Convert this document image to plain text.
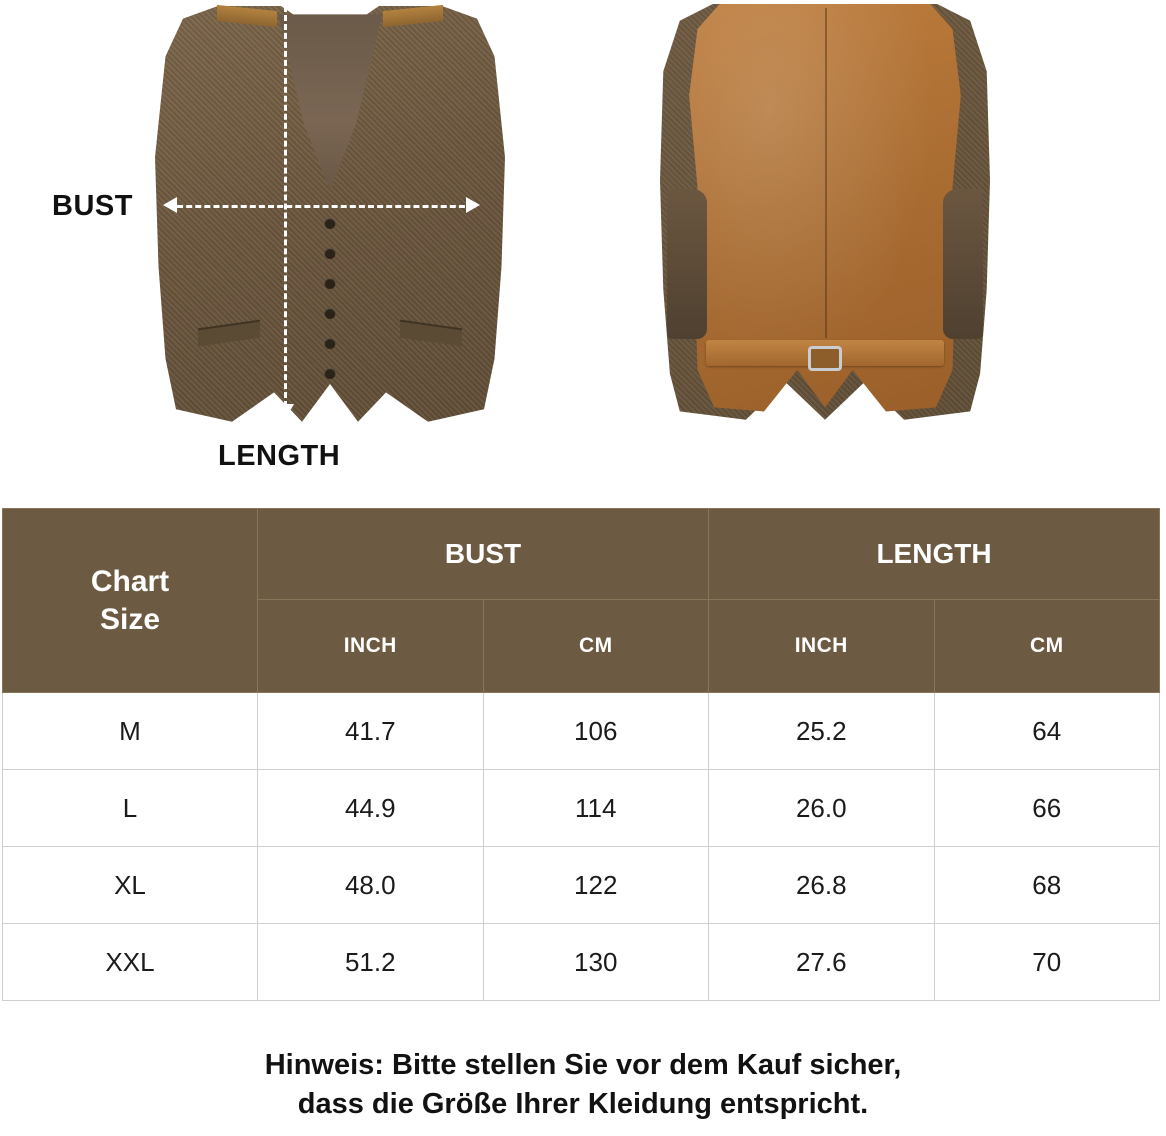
BUST
LENGTH
Chart
Size	BUST		LENGTH	
	INCH	CM	INCH	CM
M	41.7	106	25.2	64
L	44.9	114	26.0	66
XL	48.0	122	26.8	68
XXL	51.2	130	27.6	70
Hinweis: Bitte stellen Sie vor dem Kauf sicher,
dass die Größe Ihrer Kleidung entspricht.
